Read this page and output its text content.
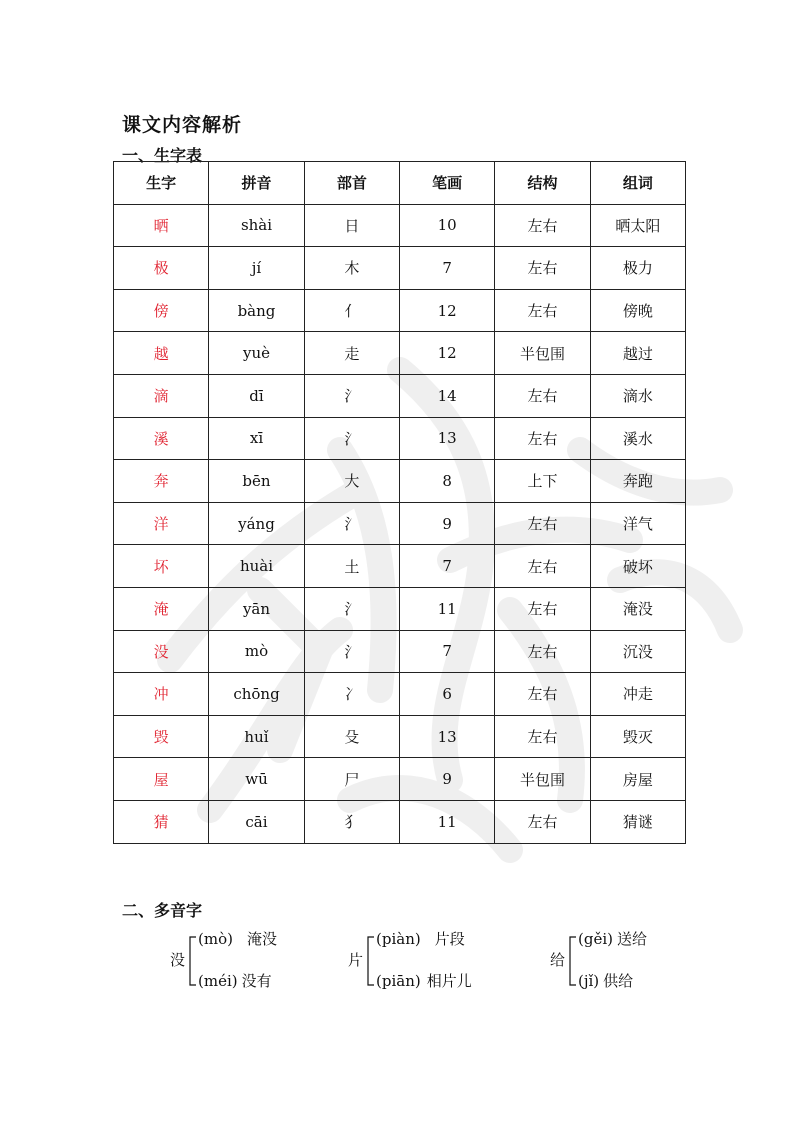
课文内容解析
一、生字表
生字	拼音	部首	笔画	结构	组词
晒	shài	日	10	左右	晒太阳
极	jí	木	7	左右	极力
傍	bàng	亻	12	左右	傍晚
越	yuè	走	12	半包围	越过
滴	dī	氵	14	左右	滴水
溪	xī	氵	13	左右	溪水
奔	bēn	大	8	上下	奔跑
洋	yáng	氵	9	左右	洋气
坏	huài	土	7	左右	破坏
淹	yān	氵	11	左右	淹没
没	mò	氵	7	左右	沉没
冲	chōng	冫	6	左右	冲走
毁	huǐ	殳	13	左右	毁灭
屋	wū	尸	9	半包围	房屋
猜	cāi	犭	11	左右	猜谜
二、多音字
没
(mò) 淹没
(méi) 没有
片
(piàn) 片段
(piān) 相片儿
给
(gěi) 送给
(jǐ) 供给
